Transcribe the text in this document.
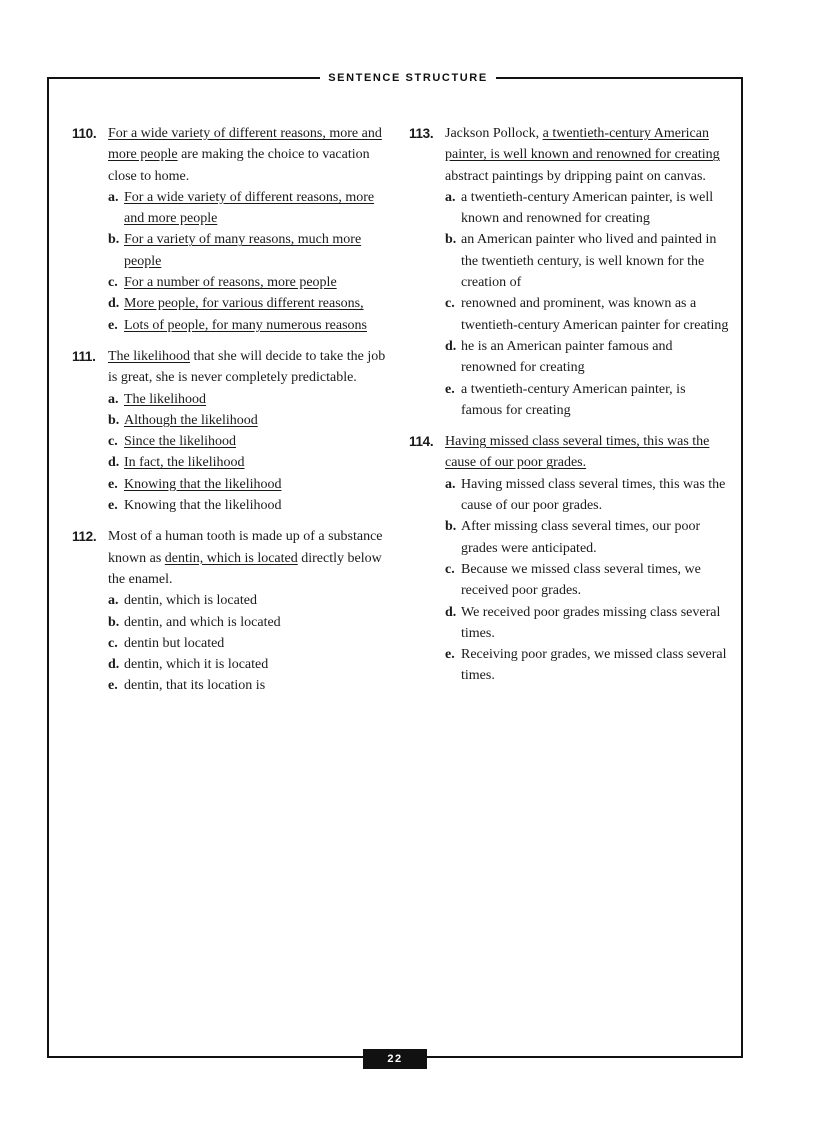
SENTENCE STRUCTURE
110. For a wide variety of different reasons, more and more people are making the choice to vacation close to home.
a. For a wide variety of different reasons, more and more people
b. For a variety of many reasons, much more people
c. For a number of reasons, more people
d. More people, for various different reasons,
e. Lots of people, for many numerous reasons
111. The likelihood that she will decide to take the job is great, she is never completely predictable.
a. The likelihood
b. Although the likelihood
c. Since the likelihood
d. In fact, the likelihood
e. Knowing that the likelihood
e. Knowing that the likelihood
112. Most of a human tooth is made up of a substance known as dentin, which is located directly below the enamel.
a. dentin, which is located
b. dentin, and which is located
c. dentin but located
d. dentin, which it is located
e. dentin, that its location is
113. Jackson Pollock, a twentieth-century American painter, is well known and renowned for creating abstract paintings by dripping paint on canvas.
a. a twentieth-century American painter, is well known and renowned for creating
b. an American painter who lived and painted in the twentieth century, is well known for the creation of
c. renowned and prominent, was known as a twentieth-century American painter for creating
d. he is an American painter famous and renowned for creating
e. a twentieth-century American painter, is famous for creating
114. Having missed class several times, this was the cause of our poor grades.
a. Having missed class several times, this was the cause of our poor grades.
b. After missing class several times, our poor grades were anticipated.
c. Because we missed class several times, we received poor grades.
d. We received poor grades missing class several times.
e. Receiving poor grades, we missed class several times.
22
